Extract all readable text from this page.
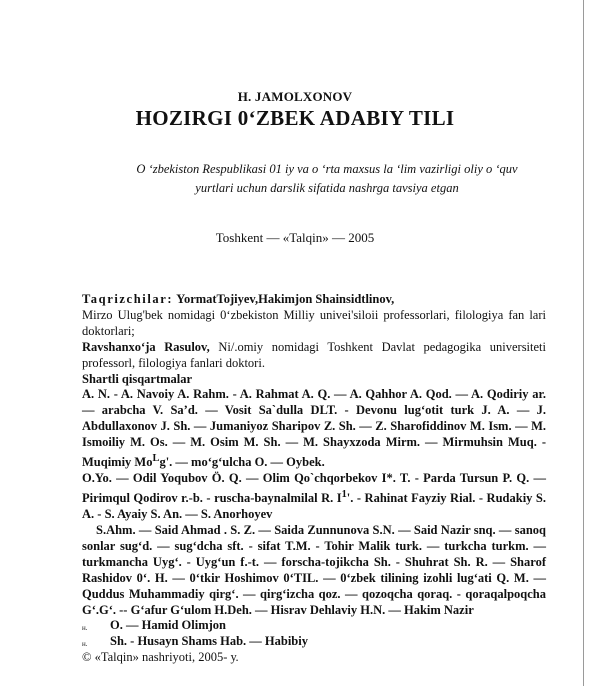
H. JAMOLXONOV
HOZIRGI 0‘ZBEK ADABIY TILI
O ‘zbekiston Respublikasi 01 iy va o ‘rta maxsus la ‘lim vazirligi oliy o ‘quv
yurtlari uchun darslik sifatida nashrga tavsiya etgan
Toshkent — «Talqin» — 2005

Taqrizchilar: YormatTojiyev,Hakimjon Shainsidtlinov,

Mirzo Ulug'bek nomidagi 0‘zbekiston Milliy univei'siloii professorlari, filologiya fan lari doktorlari;

Ravshanxo‘ja Rasulov, Ni/.omiy nomidagi Toshkent Davlat pedagogika universiteti professorl, filologiya fanlari doktori.

Shartli qisqartmalar

A. N. - A. Navoiy A. Rahm. - A. Rahmat A. Q. — A. Qahhor A. Qod. — A. Qodiriy ar. — arabcha V. Sa’d. — Vosit Sa`dulla DLT. - Devonu lug‘otit turk J. A. — J. Abdullaxonov J. Sh. — Jumaniyoz Sharipov Z. Sh. — Z. Sharofiddinov M. Ism. — M. Ismoiliy M. Os. — M. Osim M. Sh. — M. Shayxzoda Mirm. — Mirmuhsin Muq. - Muqimiy $Mo^Lg'$. — mo‘g‘ulcha O. — Oybek.

O.Yo. — Odil Yoqubov Ö. Q. — Olim Qo`chqorbekov I*. T. - Parda Tursun P. Q. — Pirimqul Qodirov r.-b. - ruscha-baynalmilal R. $I^1'$. - Rahinat Fayziy Rial. - Rudakiy S. A. - S. Ayaiy S. An. — S. Anorhoyev

S.Ahm. — Said Ahmad . S. Z. — Saida Zunnunova S.N. — Said Nazir snq. — sanoq sonlar sug‘d. — sug‘dcha sft. - sifat T.M. - Tohir Malik turk. — turkcha turkm. — turkmancha Uyg‘. - Uyg‘un f.-t. — forscha-tojikcha Sh. - Shuhrat Sh. R. — Sharof Rashidov 0‘. H. — 0‘tkir Hoshimov 0‘TIL. — 0‘zbek tilining izohli lug‘ati Q. M. — Quddus Muhammadiy qirg‘. — qirg‘izcha qoz. — qozoqcha qoraq. - qoraqalpoqcha G‘.G‘. -- G‘afur G‘ulom H.Deh. — Hisrav Dehlaviy H.N. — Hakim Nazir

н. O. — Hamid Olimjon
н. Sh. - Husayn Shams Hab. — Habibiy

© «Talqin» nashriyoti, 2005- у.
